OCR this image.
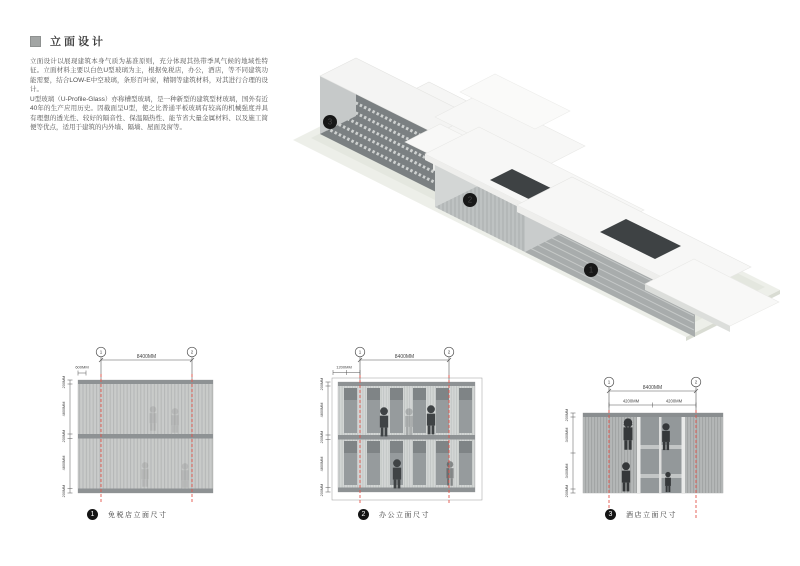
立面设计

立面设计以展现建筑本身气质为基准原则，充分体现其热带季风气候的地域性特征。立面材料主要以白色U型玻璃为主，根据免税店，办公，酒店，等不同建筑功能需要，结合LOW-E中空玻璃，条形百叶窗，精钢等建筑材料，对其进行合理的设计。

U型玻璃（U-Profile-Glass）亦称槽型玻璃，是一种新型的建筑型材玻璃，国外有近40年的生产应用历史。因截面呈U型，使之比普通平板玻璃有较高的机械强度并具有理想的透光性、较好的隔音性、保温隔热性、能节省大量金属材料、以及施工简便等优点，适用于建筑的内外墙、隔墙、屋面及窗等。

3
2
1
1	2
8400MM
600MM
200MM
4800MM
200MM
4800MM
200MM
1	2
8400MM
1200MM
200MM
4800MM
200MM
4800MM
200MM
1	2
8400MM
4200MM	4200MM
200MM
3400MM
3400MM
200MM
1	免税店立面尺寸	2	办公立面尺寸	3	酒店立面尺寸
